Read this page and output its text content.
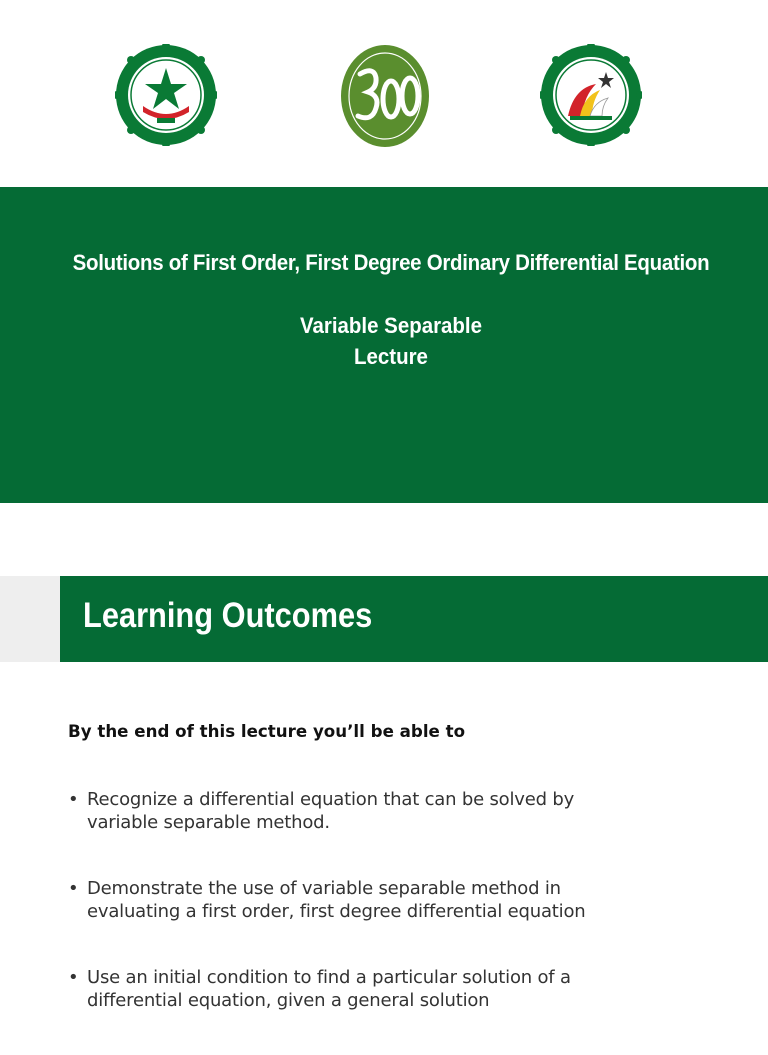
Solutions of First Order, First Degree Ordinary Differential Equation
Variable Separable
Lecture
Learning Outcomes
By the end of this lecture you’ll be able to
• Recognize a differential equation that can be solved by
variable separable method.
• Demonstrate the use of variable separable method in
evaluating a first order, first degree differential equation
• Use an initial condition to find a particular solution of a
differential equation, given a general solution
